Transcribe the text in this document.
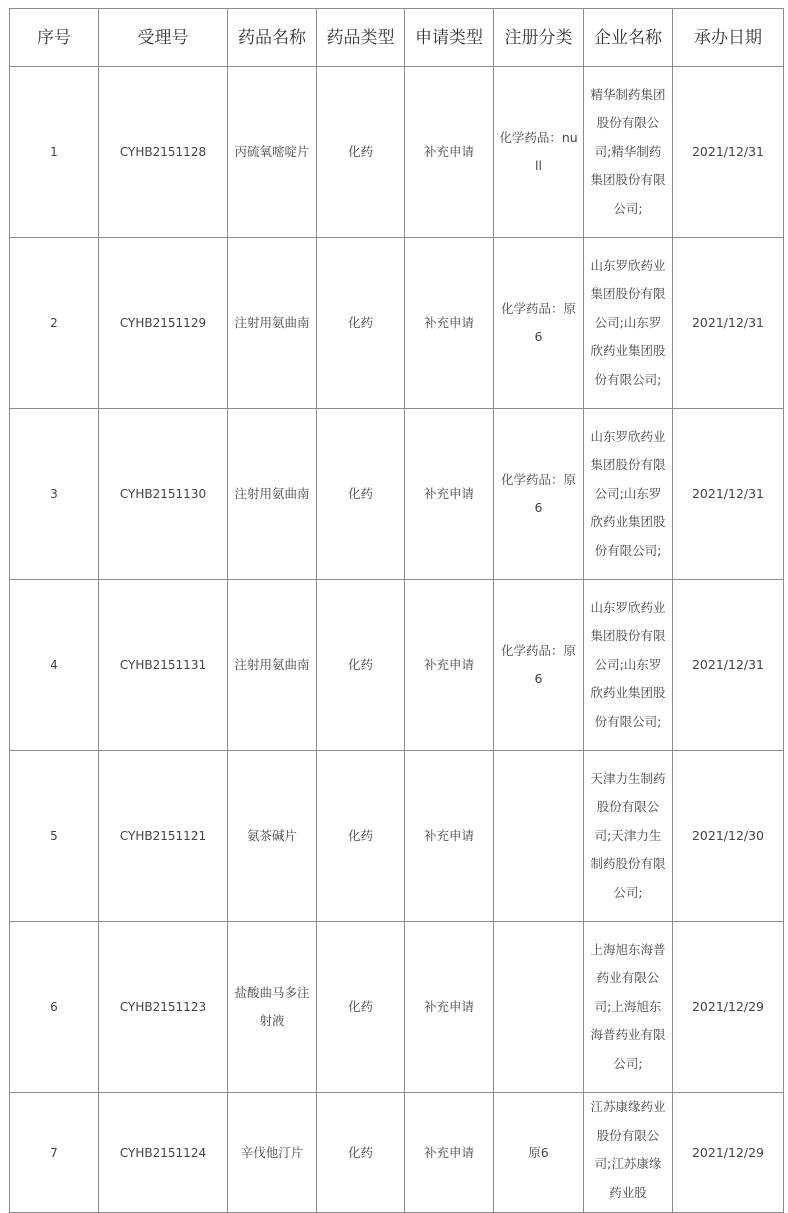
序号	受理号	药品名称	药品类型	申请类型	注册分类	企业名称	承办日期
1	CYHB2151128	丙硫氧嘧啶片	化药	补充申请	化学药品：null	精华制药集团股份有限公司;精华制药集团股份有限公司;	2021/12/31
2	CYHB2151129	注射用氨曲南	化药	补充申请	化学药品：原6	山东罗欣药业集团股份有限公司;山东罗欣药业集团股份有限公司;	2021/12/31
3	CYHB2151130	注射用氨曲南	化药	补充申请	化学药品：原6	山东罗欣药业集团股份有限公司;山东罗欣药业集团股份有限公司;	2021/12/31
4	CYHB2151131	注射用氨曲南	化药	补充申请	化学药品：原6	山东罗欣药业集团股份有限公司;山东罗欣药业集团股份有限公司;	2021/12/31
5	CYHB2151121	氨茶碱片	化药	补充申请		天津力生制药股份有限公司;天津力生制药股份有限公司;	2021/12/30
6	CYHB2151123	盐酸曲马多注射液	化药	补充申请		上海旭东海普药业有限公司;上海旭东海普药业有限公司;	2021/12/29
7	CYHB2151124	辛伐他汀片	化药	补充申请	原6	江苏康缘药业股份有限公司;江苏康缘药业股	2021/12/29
